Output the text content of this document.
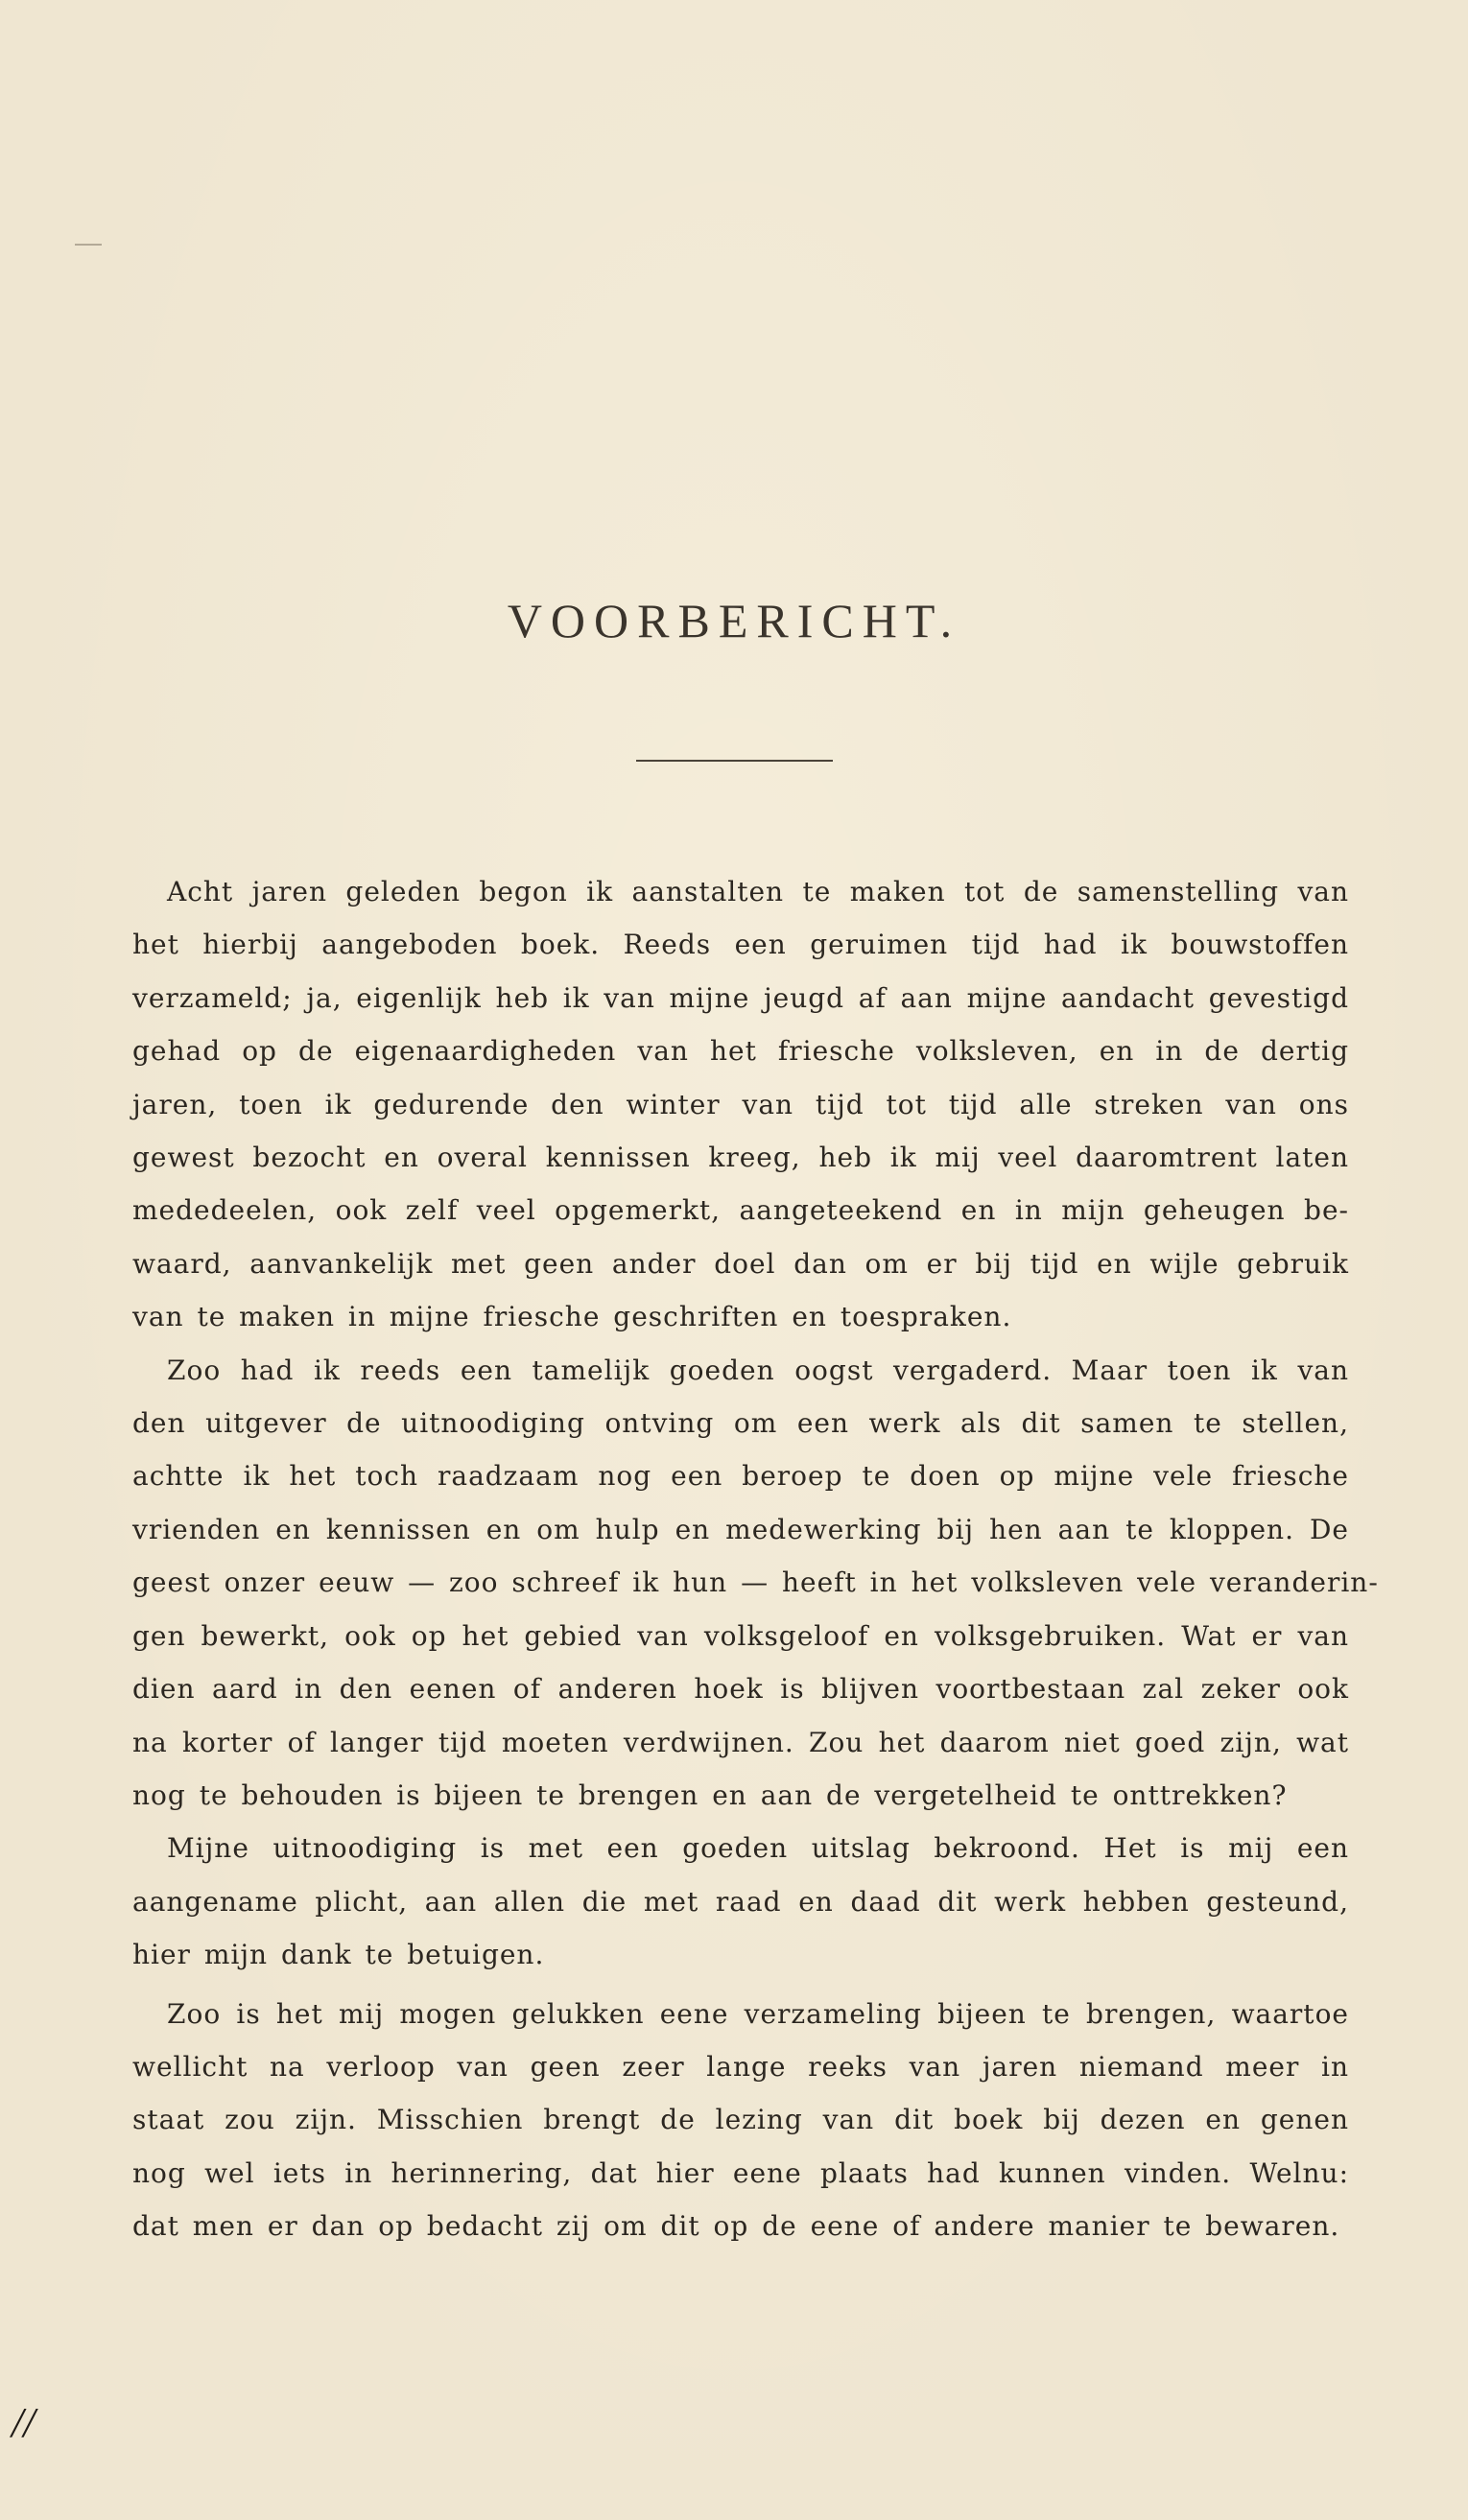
VOORBERICHT.

Acht jaren geleden begon ik aanstalten te maken tot de samenstelling van
het hierbij aangeboden boek. Reeds een geruimen tijd had ik bouwstoffen
verzameld; ja, eigenlijk heb ik van mijne jeugd af aan mijne aandacht gevestigd
gehad op de eigenaardigheden van het friesche volksleven, en in de dertig
jaren, toen ik gedurende den winter van tijd tot tijd alle streken van ons
gewest bezocht en overal kennissen kreeg, heb ik mij veel daaromtrent laten
mededeelen, ook zelf veel opgemerkt, aangeteekend en in mijn geheugen be-
waard, aanvankelijk met geen ander doel dan om er bij tijd en wijle gebruik
van te maken in mijne friesche geschriften en toespraken.

Zoo had ik reeds een tamelijk goeden oogst vergaderd. Maar toen ik van
den uitgever de uitnoodiging ontving om een werk als dit samen te stellen,
achtte ik het toch raadzaam nog een beroep te doen op mijne vele friesche
vrienden en kennissen en om hulp en medewerking bij hen aan te kloppen. De
geest onzer eeuw — zoo schreef ik hun — heeft in het volksleven vele veranderin-
gen bewerkt, ook op het gebied van volksgeloof en volksgebruiken. Wat er van
dien aard in den eenen of anderen hoek is blijven voortbestaan zal zeker ook
na korter of langer tijd moeten verdwijnen. Zou het daarom niet goed zijn, wat
nog te behouden is bijeen te brengen en aan de vergetelheid te onttrekken?

Mijne uitnoodiging is met een goeden uitslag bekroond. Het is mij een
aangename plicht, aan allen die met raad en daad dit werk hebben gesteund,
hier mijn dank te betuigen.

Zoo is het mij mogen gelukken eene verzameling bijeen te brengen, waartoe
wellicht na verloop van geen zeer lange reeks van jaren niemand meer in
staat zou zijn. Misschien brengt de lezing van dit boek bij dezen en genen
nog wel iets in herinnering, dat hier eene plaats had kunnen vinden. Welnu:
dat men er dan op bedacht zij om dit op de eene of andere manier te bewaren.

//
